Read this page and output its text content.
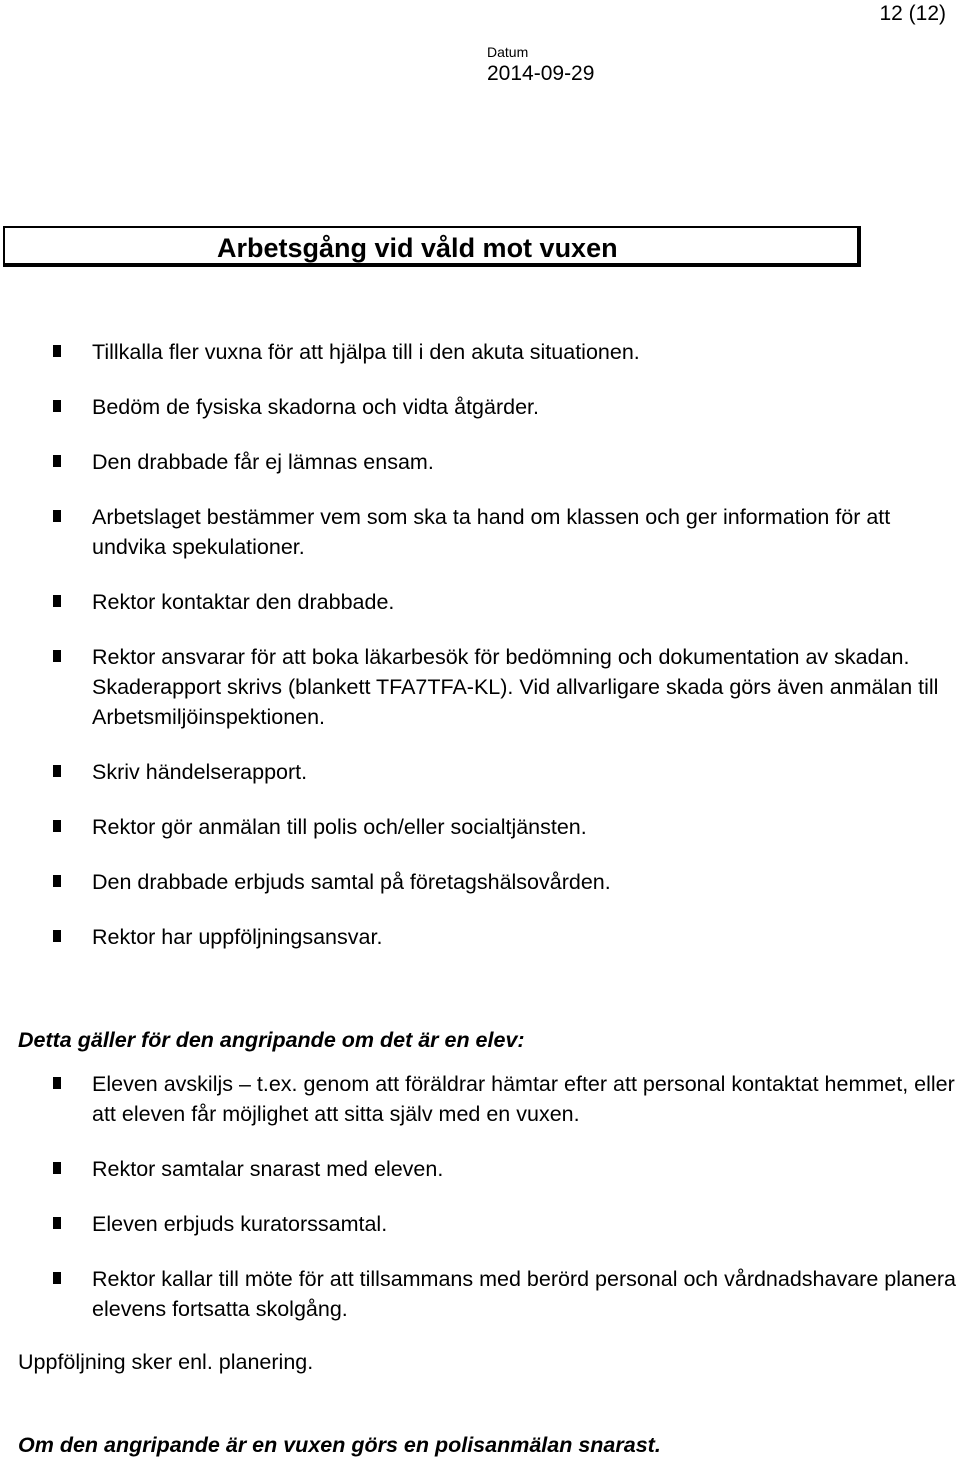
12 (12)
Datum
2014-09-29
Arbetsgång vid våld mot vuxen
Tillkalla fler vuxna för att hjälpa till i den akuta situationen.
Bedöm de fysiska skadorna och vidta åtgärder.
Den drabbade får ej lämnas ensam.
Arbetslaget bestämmer vem som ska ta hand om klassen och ger information för att undvika spekulationer.
Rektor kontaktar den drabbade.
Rektor ansvarar för att boka läkarbesök för bedömning och dokumentation av skadan. Skaderapport skrivs (blankett TFA7TFA-KL). Vid allvarligare skada görs även anmälan till Arbetsmiljöinspektionen.
Skriv händelserapport.
Rektor gör anmälan till polis och/eller socialtjänsten.
Den drabbade erbjuds samtal på företagshälsovården.
Rektor har uppföljningsansvar.
Detta gäller för den angripande om det är en elev:
Eleven avskiljs – t.ex. genom att föräldrar hämtar efter att personal kontaktat hemmet, eller att eleven får möjlighet att sitta själv med en vuxen.
Rektor samtalar snarast med eleven.
Eleven erbjuds kuratorssamtal.
Rektor kallar till möte för att tillsammans med berörd personal och vårdnadshavare planera elevens fortsatta skolgång.

Uppföljning sker enl. planering.

Om den angripande är en vuxen görs en polisanmälan snarast.
